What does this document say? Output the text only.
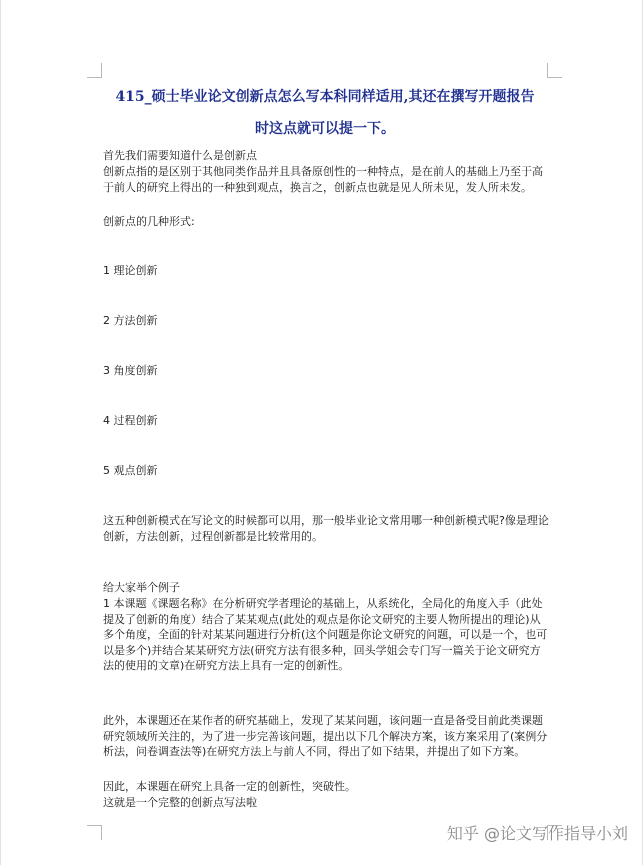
415_硕士毕业论文创新点怎么写本科同样适用,其还在撰写开题报告
时这点就可以提一下。

首先我们需要知道什么是创新点

创新点指的是区别于其他同类作品并且具备原创性的一种特点，是在前人的基础上乃至于高于前人的研究上得出的一种独到观点，换言之，创新点也就是见人所未见，发人所未发。

创新点的几种形式:

1 理论创新

2 方法创新

3 角度创新

4 过程创新

5 观点创新

这五种创新模式在写论文的时候都可以用，那一般毕业论文常用哪一种创新模式呢?像是理论创新，方法创新，过程创新都是比较常用的。

给大家举个例子

1 本课题《课题名称》在分析研究学者理论的基础上，从系统化，全局化的角度入手（此处提及了创新的角度）结合了某某观点(此处的观点是你论文研究的主要人物所提出的理论)从多个角度，全面的针对某某问题进行分析(这个问题是你论文研究的问题，可以是一个，也可以是多个)并结合某某研究方法(研究方法有很多种，回头学姐会专门写一篇关于论文研究方法的使用的文章)在研究方法上具有一定的创新性。

此外，本课题还在某作者的研究基础上，发现了某某问题，该问题一直是备受目前此类课题研究领域所关注的，为了进一步完善该问题，提出以下几个解决方案，该方案采用了(案例分析法，问卷调查法等)在研究方法上与前人不同，得出了如下结果，并提出了如下方案。

因此，本课题在研究上具备一定的创新性，突破性。

这就是一个完整的创新点写法啦

知乎 @论文写作指导小刘
